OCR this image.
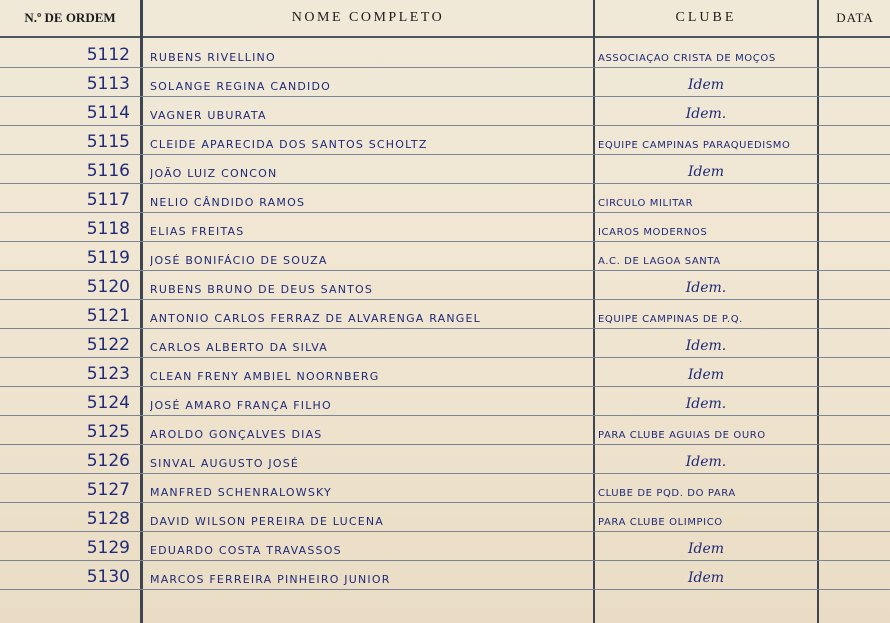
N.º DE ORDEM	NOME COMPLETO	CLUBE	DATA
5112 RUBENS RIVELLINO	ASSOCIAÇÃO CRISTÃ DE MOÇOS
5113 SOLANGE REGINA CANDIDO	Idem
5114 VAGNER UBURATA	Idem.
5115 CLEIDE APARECIDA DOS SANTOS SCHOLTZ	EQUIPE CAMPINAS PARAQUEDISMO
5116 JOÃO LUIZ CONCON	Idem
5117 NELIO CÂNDIDO RAMOS	CÍRCULO MILITAR
5118 ELIAS FREITAS	ICAROS MODERNOS
5119 JOSÉ BONIFÁCIO DE SOUZA	A.C. DE LAGOA SANTA
5120 RUBENS BRUNO DE DEUS SANTOS	Idem.
5121 ANTONIO CARLOS FERRAZ DE ALVARENGA RANGEL	EQUIPE CAMPINAS DE P.Q.
5122 CARLOS ALBERTO DA SILVA	Idem.
5123 CLEAN FRENY AMBIEL NOORNBERG	Idem
5124 JOSÉ AMARO FRANÇA FILHO	Idem.
5125 AROLDO GONÇALVES DIAS	PARA CLUBE AGUIAS DE OURO
5126 SINVAL AUGUSTO JOSÉ	Idem.
5127 MANFRED SCHENRALOWSKY	CLUBE DE PQD. DO PARÁ
5128 DAVID WILSON PEREIRA DE LUCENA	PARA CLUBE OLIMPICO
5129 EDUARDO COSTA TRAVASSOS	Idem
5130 MARCOS FERREIRA PINHEIRO JUNIOR	Idem
